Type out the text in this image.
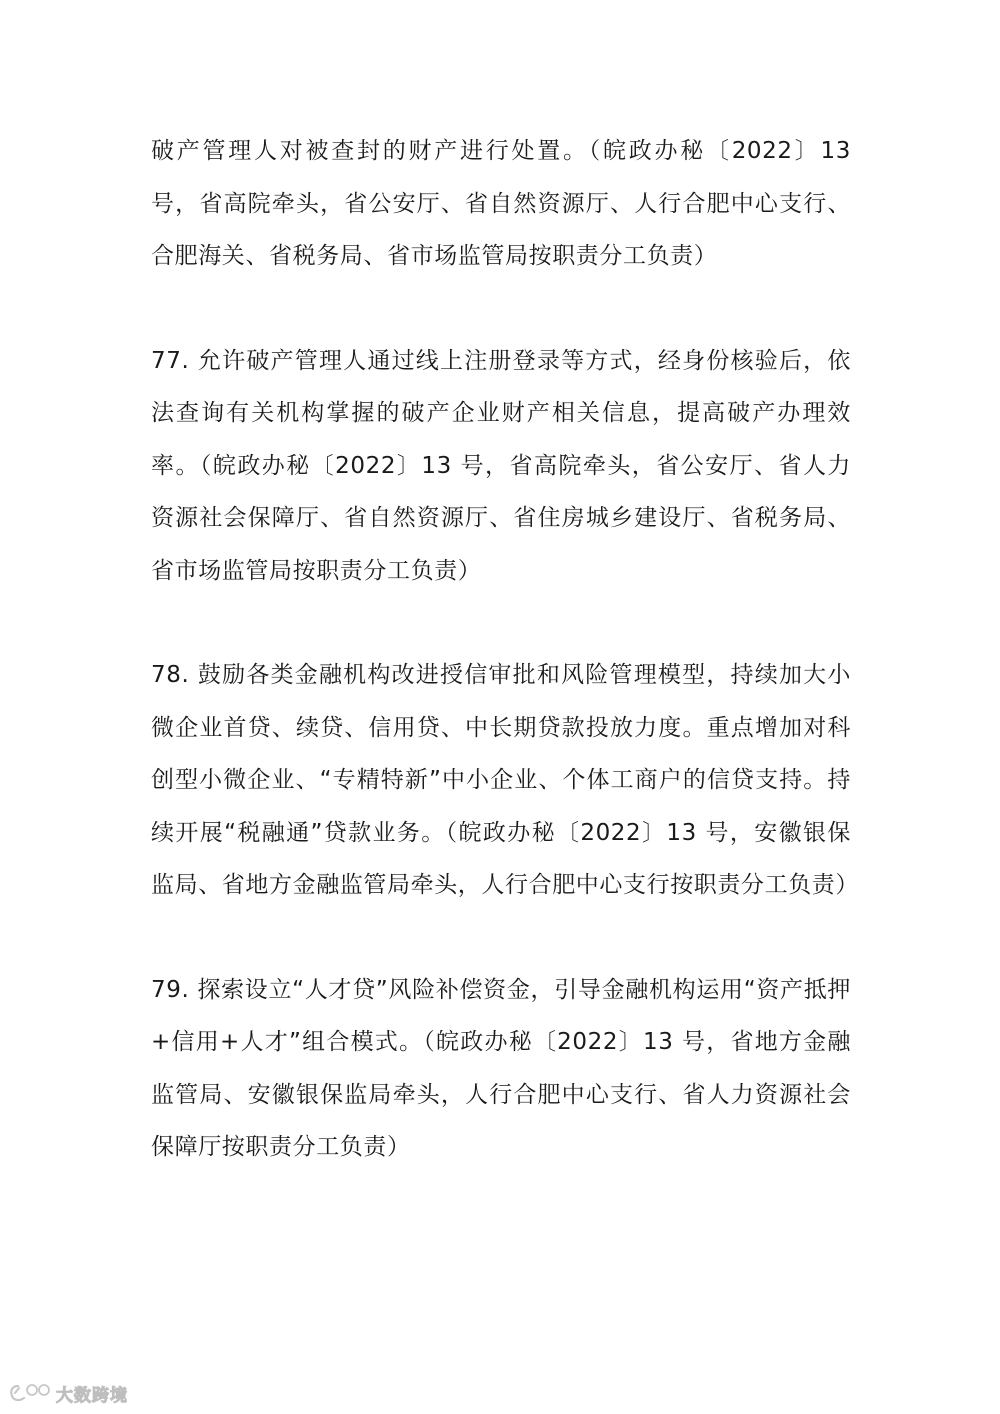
破产管理人对被查封的财产进行处置。（皖政办秘〔2022〕13 号，省高院牵头，省公安厅、省自然资源厅、人行合肥中心支行、合肥海关、省税务局、省市场监管局按职责分工负责）

77. 允许破产管理人通过线上注册登录等方式，经身份核验后，依法查询有关机构掌握的破产企业财产相关信息，提高破产办理效率。（皖政办秘〔2022〕13 号，省高院牵头，省公安厅、省人力资源社会保障厅、省自然资源厅、省住房城乡建设厅、省税务局、省市场监管局按职责分工负责）

78. 鼓励各类金融机构改进授信审批和风险管理模型，持续加大小微企业首贷、续贷、信用贷、中长期贷款投放力度。重点增加对科创型小微企业、“专精特新”中小企业、个体工商户的信贷支持。持续开展“税融通”贷款业务。（皖政办秘〔2022〕13 号，安徽银保监局、省地方金融监管局牵头，人行合肥中心支行按职责分工负责）

79. 探索设立“人才贷”风险补偿资金，引导金融机构运用“资产抵押+信用+人才”组合模式。（皖政办秘〔2022〕13 号，省地方金融监管局、安徽银保监局牵头，人行合肥中心支行、省人力资源社会保障厅按职责分工负责）

大数跨境
